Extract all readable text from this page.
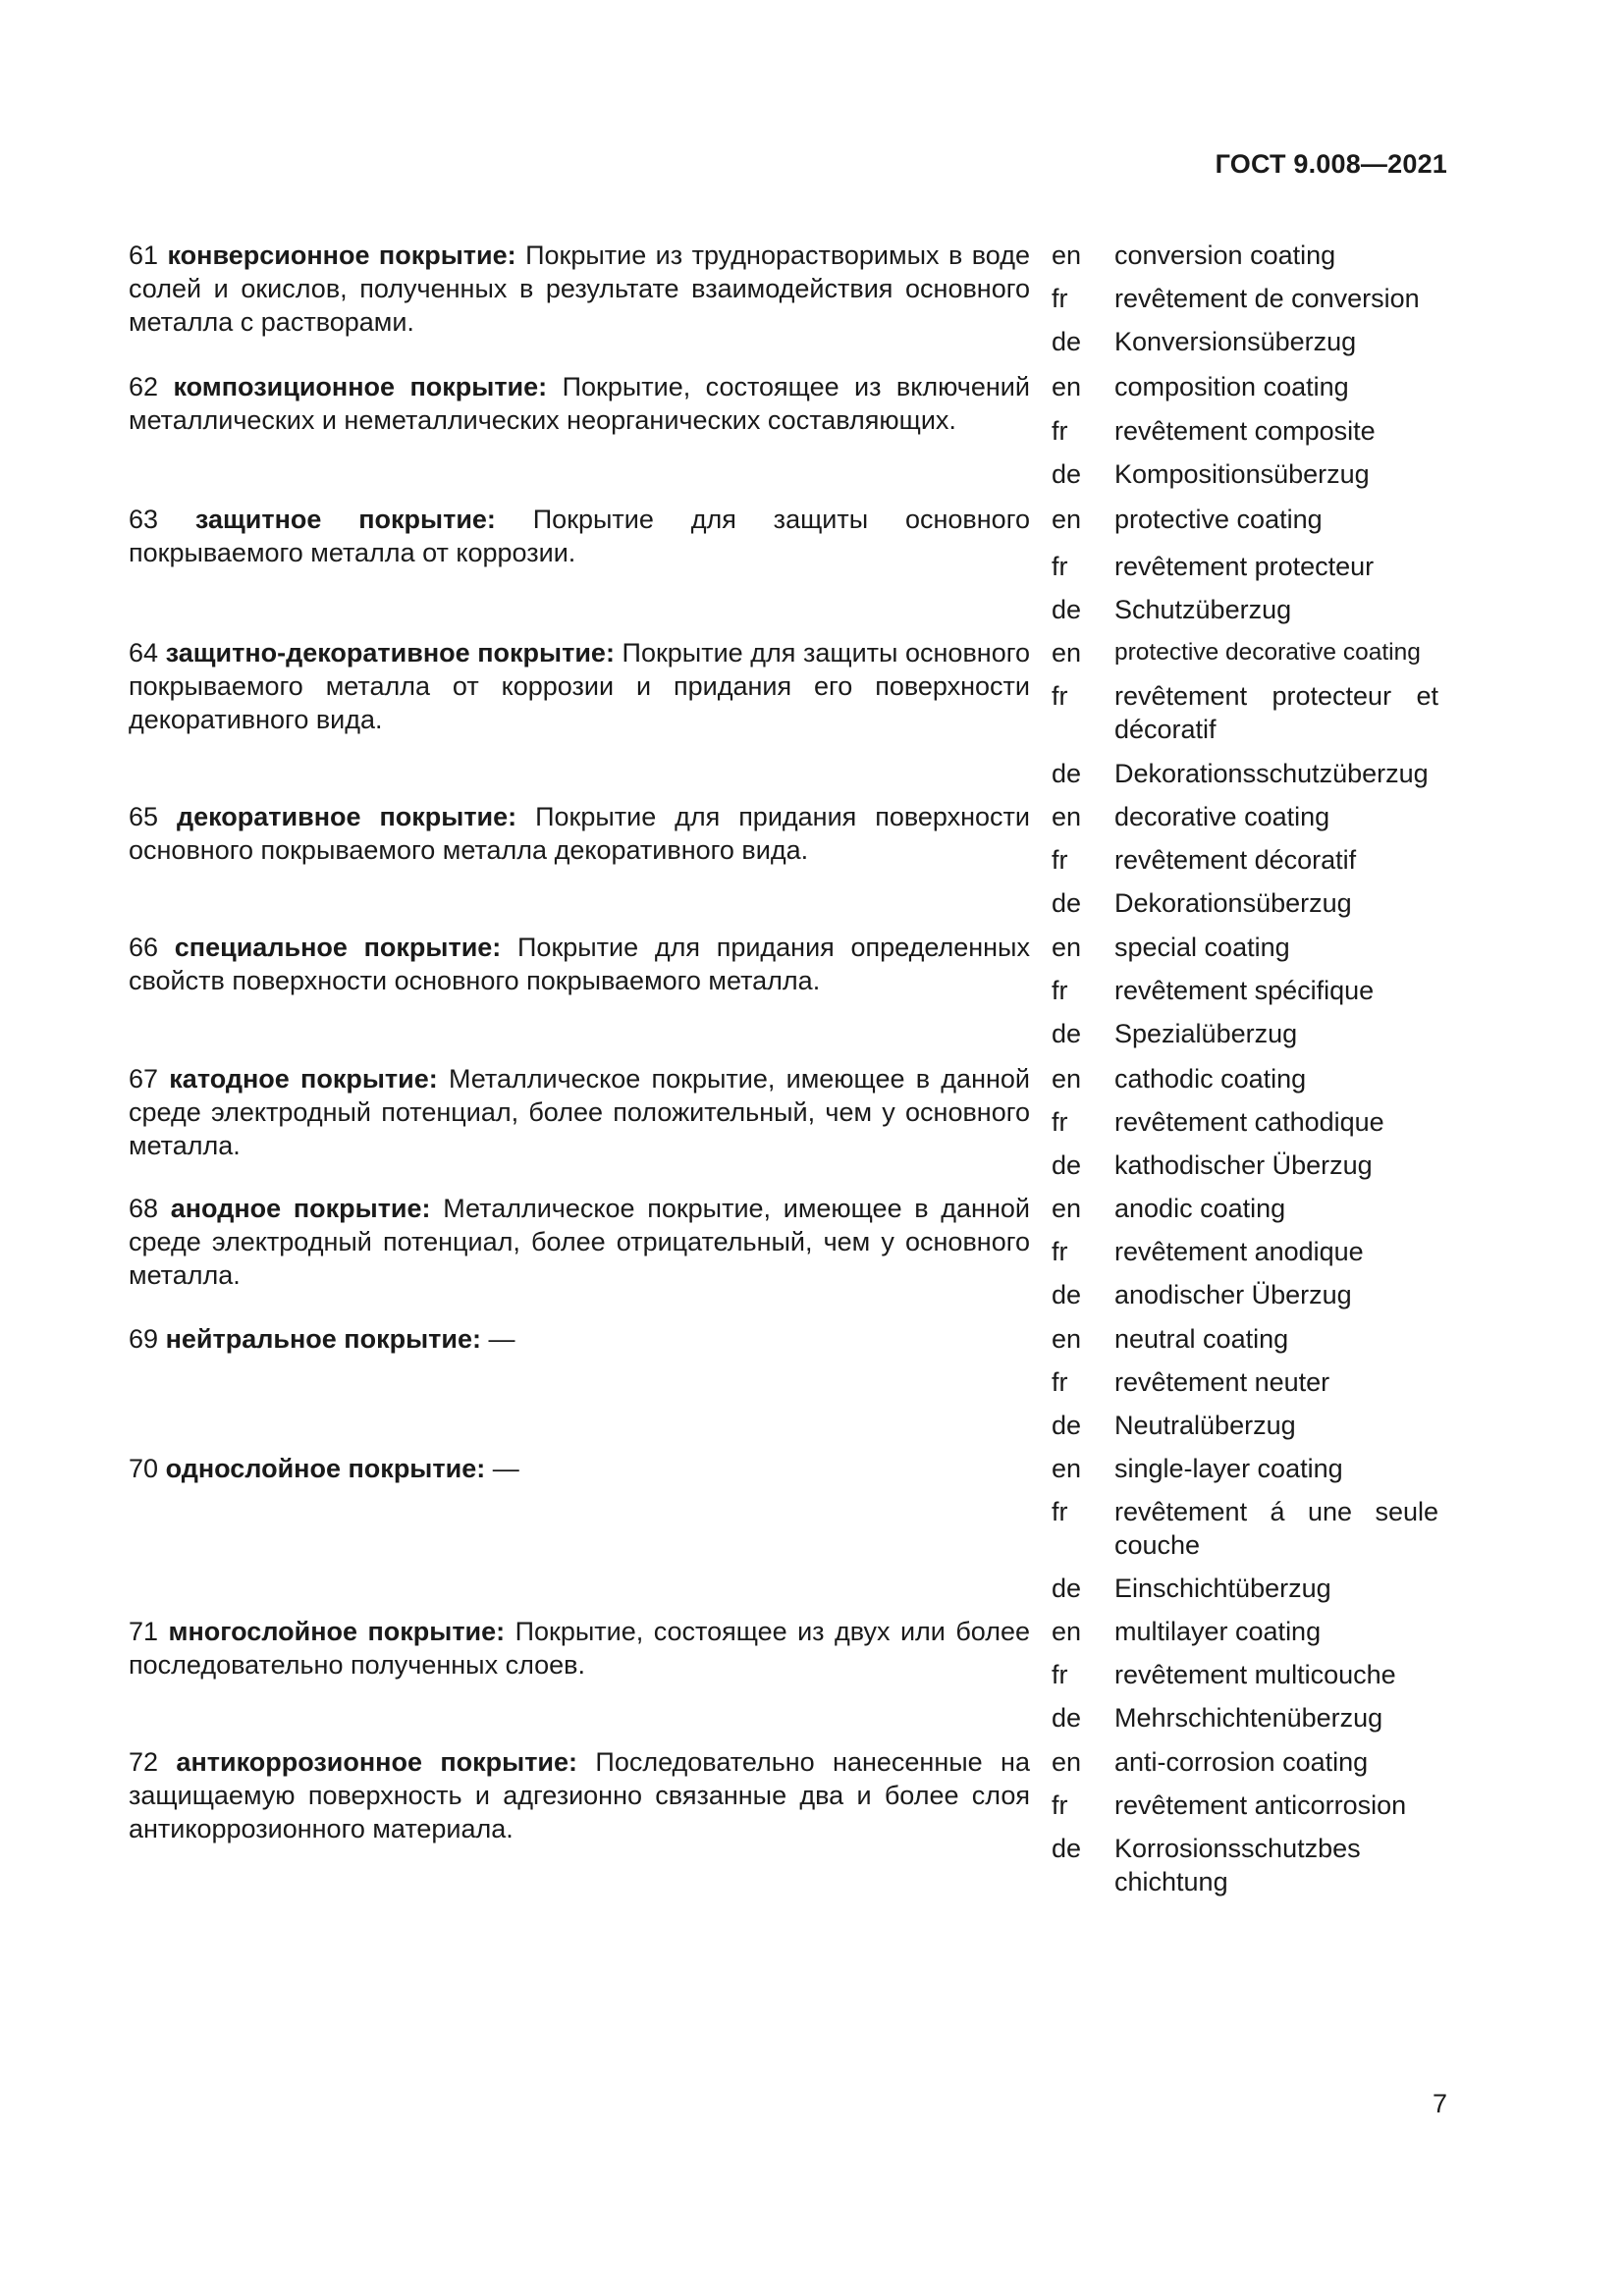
ГОСТ 9.008—2021
61 конверсионное покрытие: Покрытие из труднорастворимых в воде солей и окислов, полученных в результате взаимодействия основного металла с растворами.
en conversion coating
fr revêtement de conversion
de Konversionsüberzug
62 композиционное покрытие: Покрытие, состоящее из включений металлических и неметаллических неорганических составляющих.
en composition coating
fr revêtement composite
de Kompositionsüberzug
63 защитное покрытие: Покрытие для защиты основного покрываемого металла от коррозии.
en protective coating
fr revêtement protecteur
de Schutzüberzug
64 защитно-декоративное покрытие: Покрытие для защиты основного покрываемого металла от коррозии и придания его поверхности декоративного вида.
en protective decorative coating
fr revêtement protecteur et décoratif
de Dekorationsschutzüberzug
65 декоративное покрытие: Покрытие для придания поверхности основного покрываемого металла декоративного вида.
en decorative coating
fr revêtement décoratif
de Dekorationsüberzug
66 специальное покрытие: Покрытие для придания определенных свойств поверхности основного покрываемого металла.
en special coating
fr revêtement spécifique
de Spezialüberzug
67 катодное покрытие: Металлическое покрытие, имеющее в данной среде электродный потенциал, более положительный, чем у основного металла.
en cathodic coating
fr revêtement cathodique
de kathodischer Überzug
68 анодное покрытие: Металлическое покрытие, имеющее в данной среде электродный потенциал, более отрицательный, чем у основного металла.
en anodic coating
fr revêtement anodique
de anodischer Überzug
69 нейтральное покрытие: —	en neutral coating
fr revêtement neuter
de Neutralüberzug
70 однослойное покрытие: —	en single-layer coating
fr revêtement á une seule couche
de Einschichtüberzug
71 многослойное покрытие: Покрытие, состоящее из двух или более последовательно полученных слоев.
en multilayer coating
fr revêtement multicouche
de Mehrschichtenüberzug
72 антикоррозионное покрытие: Последовательно нанесенные на защищаемую поверхность и адгезионно связанные два и более слоя антикоррозионного материала.
en anti-corrosion coating
fr revêtement anticorrosion
de Korrosionsschutzbeschichtung
7
